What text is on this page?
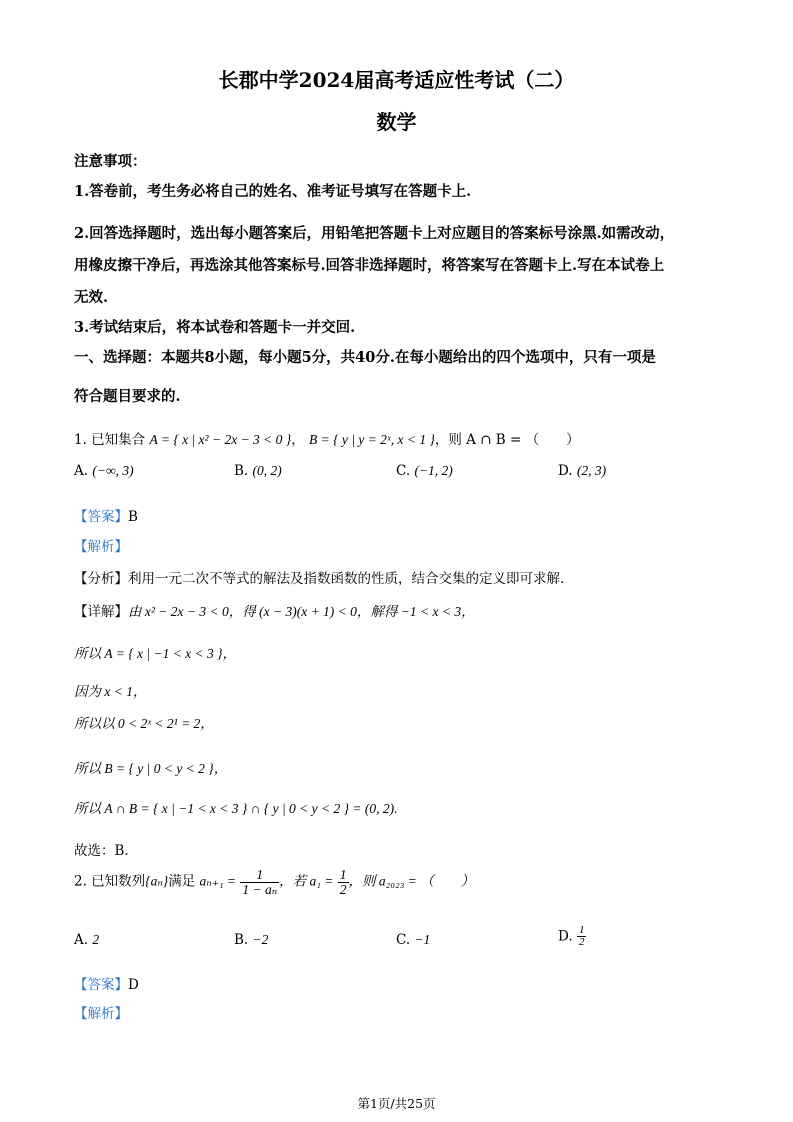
长郡中学2024届高考适应性考试（二）
数学
注意事项：
1.答卷前，考生务必将自己的姓名、准考证号填写在答题卡上.
2.回答选择题时，选出每小题答案后，用铅笔把答题卡上对应题目的答案标号涂黑.如需改动，
用橡皮擦干净后，再选涂其他答案标号.回答非选择题时，将答案写在答题卡上.写在本试卷上
无效.
3.考试结束后，将本试卷和答题卡一并交回.
一、选择题：本题共8小题，每小题5分，共40分.在每小题给出的四个选项中，只有一项是
符合题目要求的.
1. 已知集合 A = { x | x² − 2x − 3 < 0 }， B = { y | y = 2ˣ, x < 1 }，则 A ∩ B = （　　）
A. (−∞, 3)	B. (0, 2)	C. (−1, 2)	D. (2, 3)
【答案】B
【解析】
【分析】利用一元二次不等式的解法及指数函数的性质，结合交集的定义即可求解.
【详解】由 x² − 2x − 3 < 0，得 (x − 3)(x + 1) < 0，解得 −1 < x < 3，
所以 A = { x | −1 < x < 3 }，
因为 x < 1，
所以以 0 < 2ˣ < 2¹ = 2，
所以 B = { y | 0 < y < 2 }，
所以 A ∩ B = { x | −1 < x < 3 } ∩ { y | 0 < y < 2 } = (0, 2).
故选：B.
2. 已知数列{aₙ}满足 $a_{n+1} = \frac{1}{\text{1 − aₙ}}$ ，若 $a_1 = \frac{1}{2}$ ，则 a₂₀₂₃ = （　　）
A. 2	B. −2	C. −1	D. $\frac{1}{2}$
【答案】D
【解析】
第1页/共25页
